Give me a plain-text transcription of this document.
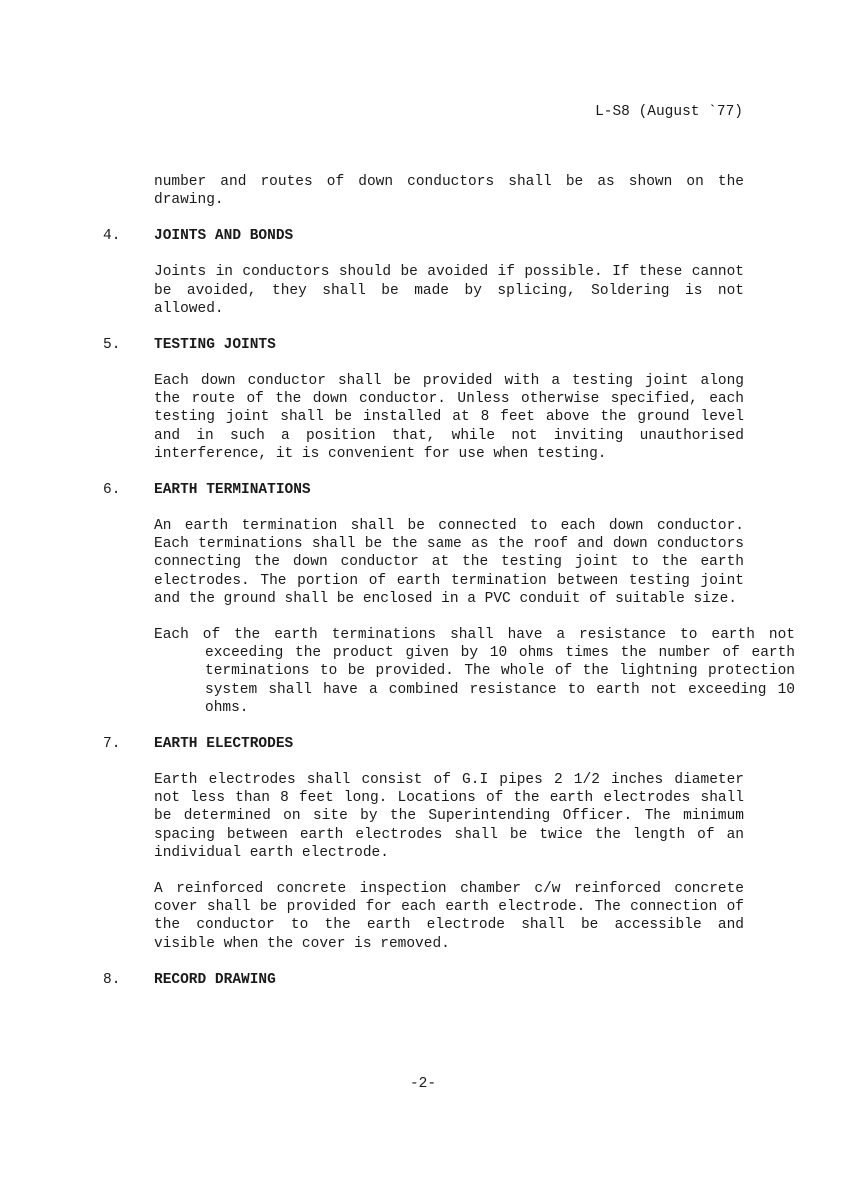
L-S8 (August `77)
number and routes of down conductors shall be as shown on the drawing.
4. JOINTS AND BONDS
Joints in conductors should be avoided if possible. If these cannot be avoided, they shall be made by splicing, Soldering is not allowed.
5. TESTING JOINTS
Each down conductor shall be provided with a testing joint along the route of the down conductor. Unless otherwise specified, each testing joint shall be installed at 8 feet above the ground level and in such a position that, while not inviting unauthorised interference, it is convenient for use when testing.
6. EARTH TERMINATIONS
An earth termination shall be connected to each down conductor. Each terminations shall be the same as the roof and down conductors connecting the down conductor at the testing joint to the earth electrodes. The portion of earth termination between testing joint and the ground shall be enclosed in a PVC conduit of suitable size.
Each of the earth terminations shall have a resistance to earth not exceeding the product given by 10 ohms times the number of earth terminations to be provided. The whole of the lightning protection system shall have a combined resistance to earth not exceeding 10 ohms.
7. EARTH ELECTRODES
Earth electrodes shall consist of G.I pipes 2 1/2 inches diameter not less than 8 feet long. Locations of the earth electrodes shall be determined on site by the Superintending Officer. The minimum spacing between earth electrodes shall be twice the length of an individual earth electrode.
A reinforced concrete inspection chamber c/w reinforced concrete cover shall be provided for each earth electrode. The connection of the conductor to the earth electrode shall be accessible and visible when the cover is removed.
8. RECORD DRAWING
-2-
